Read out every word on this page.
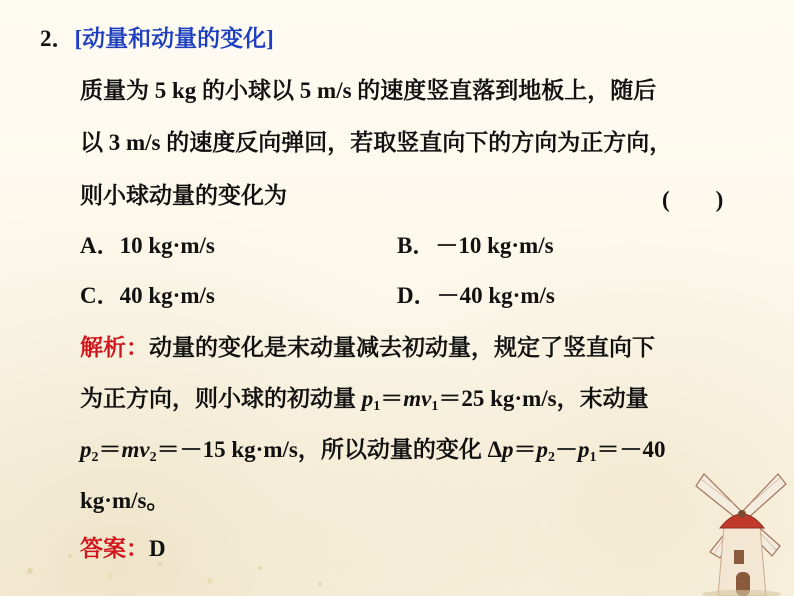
2．[动量和动量的变化]
质量为 5 kg 的小球以 5 m/s 的速度竖直落到地板上，随后
以 3 m/s 的速度反向弹回，若取竖直向下的方向为正方向，
则小球动量的变化为	(　　)
A．10 kg·m/s	B．－10 kg·m/s
C．40 kg·m/s	D．－40 kg·m/s
解析：动量的变化是末动量减去初动量，规定了竖直向下
为正方向，则小球的初动量 $p_1=mv_1=25$ kg·m/s，末动量
$p_2=mv_2=-15$ kg·m/s，所以动量的变化 $\Delta p=p_2-p_1=-40$
kg·m/s。
答案：D
